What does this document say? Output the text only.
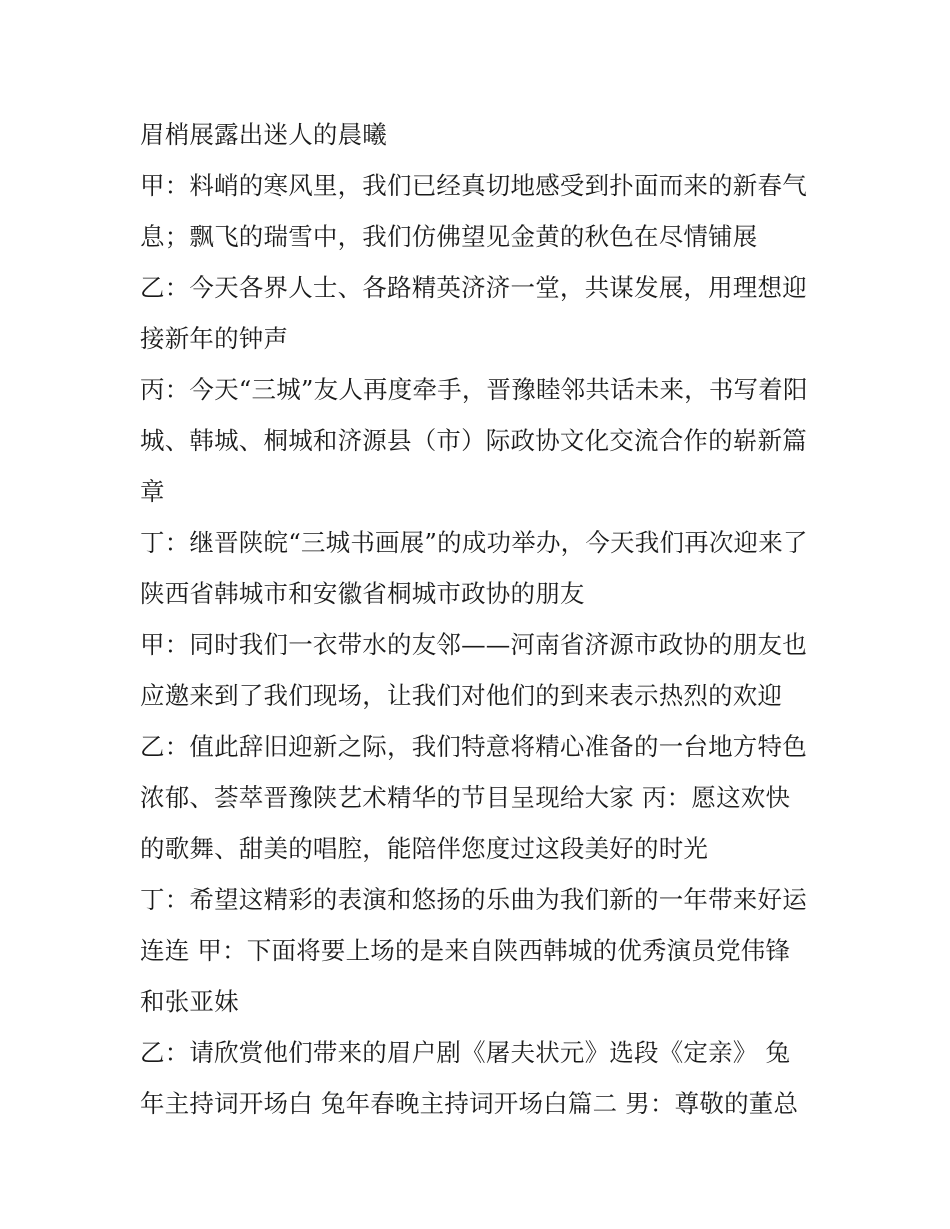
眉梢展露出迷人的晨曦
甲：料峭的寒风里，我们已经真切地感受到扑面而来的新春气
息；飘飞的瑞雪中，我们仿佛望见金黄的秋色在尽情铺展
乙：今天各界人士、各路精英济济一堂，共谋发展，用理想迎
接新年的钟声
丙：今天“三城”友人再度牵手，晋豫睦邻共话未来，书写着阳
城、韩城、桐城和济源县（市）际政协文化交流合作的崭新篇
章
丁：继晋陕皖“三城书画展”的成功举办，今天我们再次迎来了
陕西省韩城市和安徽省桐城市政协的朋友
甲：同时我们一衣带水的友邻——河南省济源市政协的朋友也
应邀来到了我们现场，让我们对他们的到来表示热烈的欢迎
乙：值此辞旧迎新之际，我们特意将精心准备的一台地方特色
浓郁、荟萃晋豫陕艺术精华的节目呈现给大家 丙：愿这欢快
的歌舞、甜美的唱腔，能陪伴您度过这段美好的时光
丁：希望这精彩的表演和悠扬的乐曲为我们新的一年带来好运
连连 甲：下面将要上场的是来自陕西韩城的优秀演员党伟锋
和张亚妹
乙：请欣赏他们带来的眉户剧《屠夫状元》选段《定亲》 兔
年主持词开场白 兔年春晚主持词开场白篇二 男：尊敬的董总
